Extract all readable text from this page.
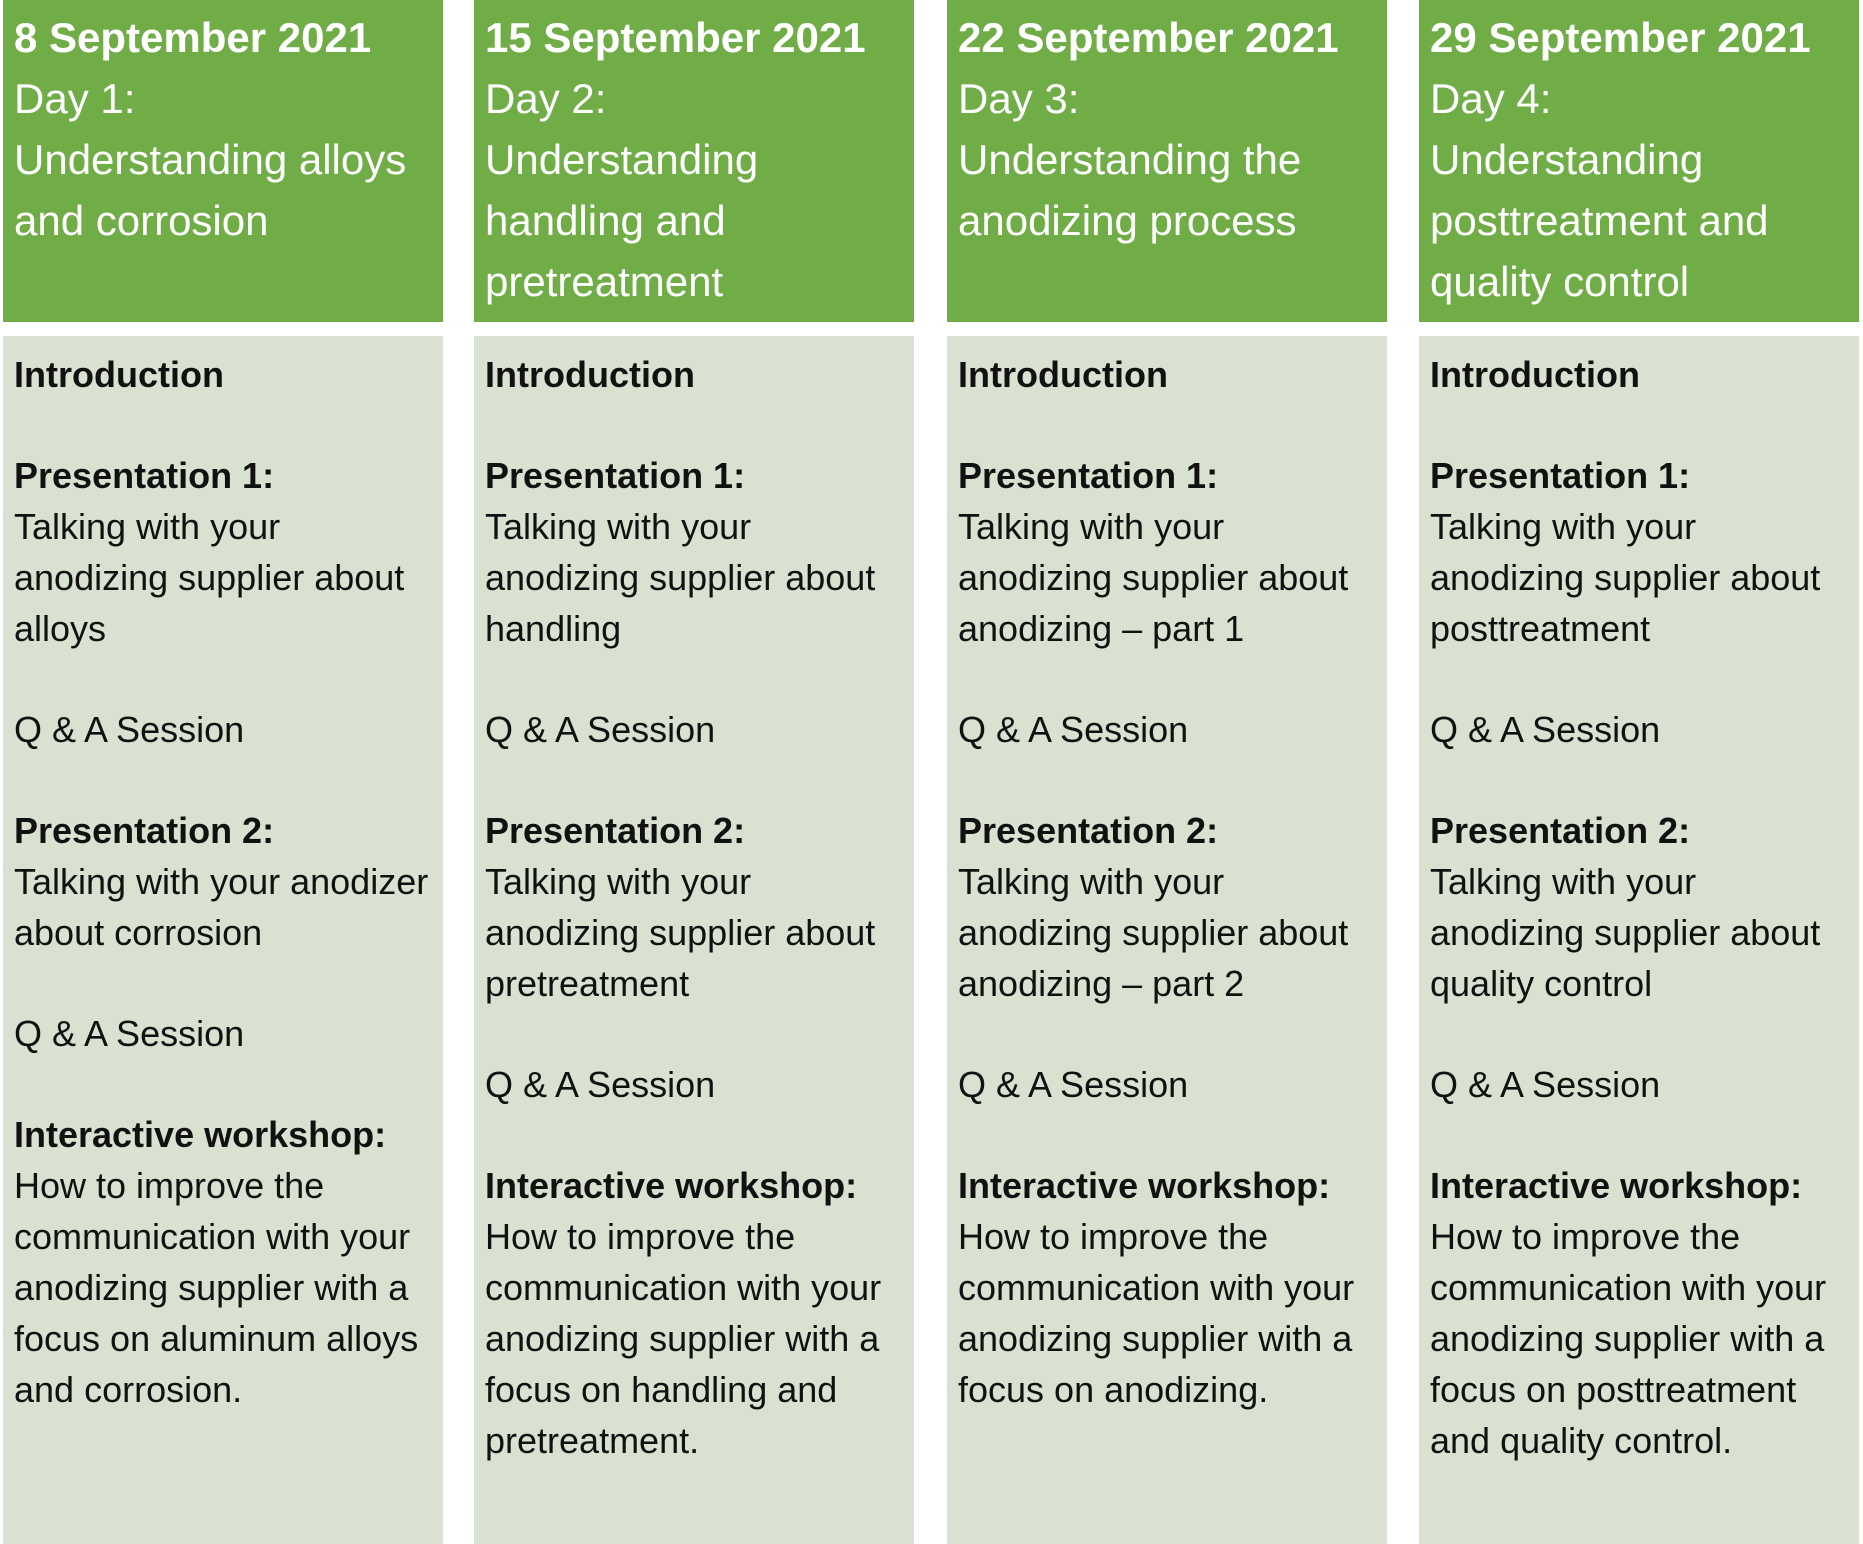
8 September 2021
Day 1:
Understanding alloys and corrosion

Introduction

Presentation 1:

Talking with your anodizing supplier about alloys

Q & A Session

Presentation 2:

Talking with your anodizer about corrosion

Q & A Session

Interactive workshop:

How to improve the communication with your anodizing supplier with a focus on aluminum alloys and corrosion.

15 September 2021
Day 2:
Understanding handling and pretreatment

Introduction

Presentation 1:

Talking with your anodizing supplier about handling

Q & A Session

Presentation 2:

Talking with your anodizing supplier about pretreatment

Q & A Session

Interactive workshop:

How to improve the communication with your anodizing supplier with a focus on handling and pretreatment.

22 September 2021
Day 3:
Understanding the anodizing process

Introduction

Presentation 1:

Talking with your anodizing supplier about anodizing – part 1

Q & A Session

Presentation 2:

Talking with your anodizing supplier about anodizing – part 2

Q & A Session

Interactive workshop:

How to improve the communication with your anodizing supplier with a focus on anodizing.

29 September 2021
Day 4:
Understanding posttreatment and quality control

Introduction

Presentation 1:

Talking with your anodizing supplier about posttreatment

Q & A Session

Presentation 2:

Talking with your anodizing supplier about quality control

Q & A Session

Interactive workshop:

How to improve the communication with your anodizing supplier with a focus on posttreatment and quality control.
